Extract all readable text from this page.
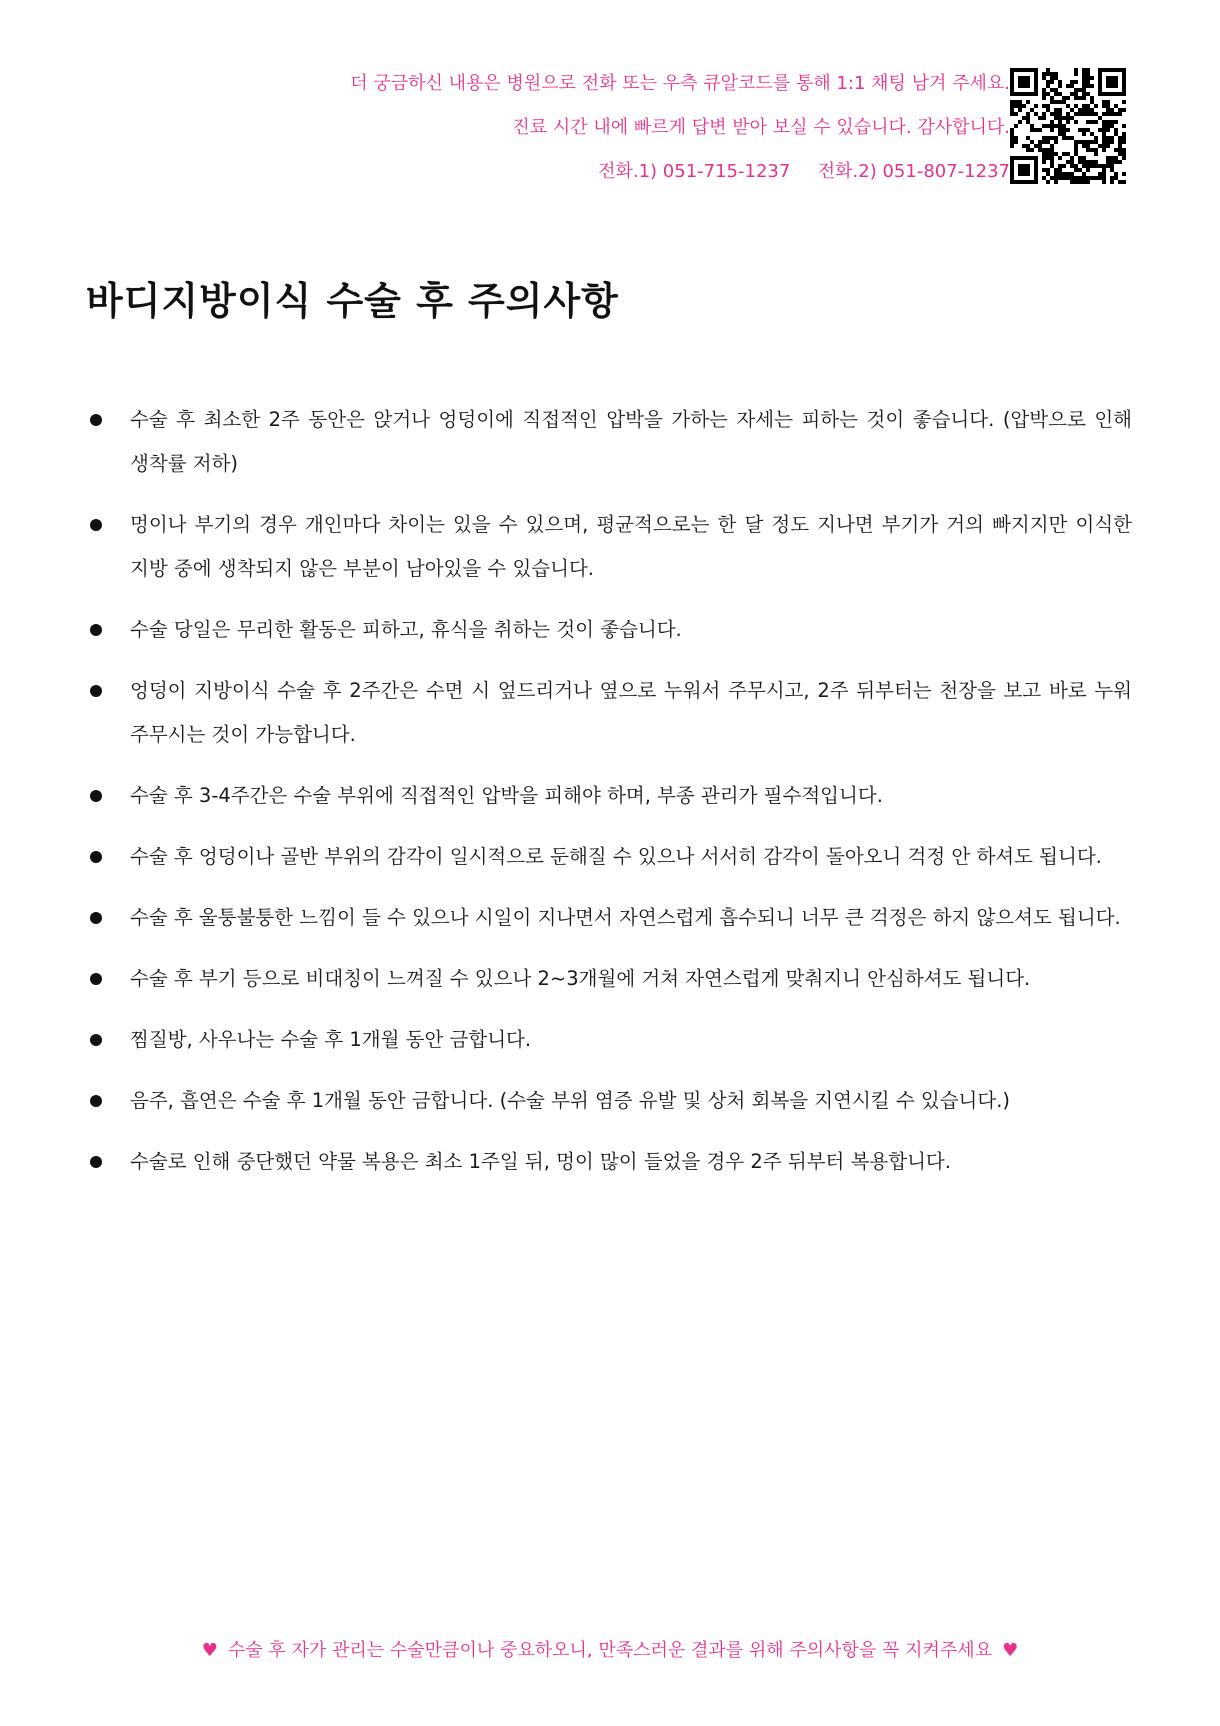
더 궁금하신 내용은 병원으로 전화 또는 우측 큐알코드를 통해 1:1 채팅 남겨 주세요.
진료 시간 내에 빠르게 답변 받아 보실 수 있습니다. 감사합니다.
전화.1) 051-715-1237 전화.2) 051-807-1237
바디지방이식 수술 후 주의사항
수술 후 최소한 2주 동안은 앉거나 엉덩이에 직접적인 압박을 가하는 자세는 피하는 것이 좋습니다. (압박으로 인해 생착률 저하)
멍이나 부기의 경우 개인마다 차이는 있을 수 있으며, 평균적으로는 한 달 정도 지나면 부기가 거의 빠지지만 이식한 지방 중에 생착되지 않은 부분이 남아있을 수 있습니다.
수술 당일은 무리한 활동은 피하고, 휴식을 취하는 것이 좋습니다.
엉덩이 지방이식 수술 후 2주간은 수면 시 엎드리거나 옆으로 누워서 주무시고, 2주 뒤부터는 천장을 보고 바로 누워 주무시는 것이 가능합니다.
수술 후 3-4주간은 수술 부위에 직접적인 압박을 피해야 하며, 부종 관리가 필수적입니다.
수술 후 엉덩이나 골반 부위의 감각이 일시적으로 둔해질 수 있으나 서서히 감각이 돌아오니 걱정 안 하셔도 됩니다.
수술 후 울퉁불퉁한 느낌이 들 수 있으나 시일이 지나면서 자연스럽게 흡수되니 너무 큰 걱정은 하지 않으셔도 됩니다.
수술 후 부기 등으로 비대칭이 느껴질 수 있으나 2~3개월에 거쳐 자연스럽게 맞춰지니 안심하셔도 됩니다.
찜질방, 사우나는 수술 후 1개월 동안 금합니다.
음주, 흡연은 수술 후 1개월 동안 금합니다. (수술 부위 염증 유발 및 상처 회복을 지연시킬 수 있습니다.)
수술로 인해 중단했던 약물 복용은 최소 1주일 뒤, 멍이 많이 들었을 경우 2주 뒤부터 복용합니다.
♥ 수술 후 자가 관리는 수술만큼이나 중요하오니, 만족스러운 결과를 위해 주의사항을 꼭 지켜주세요 ♥
